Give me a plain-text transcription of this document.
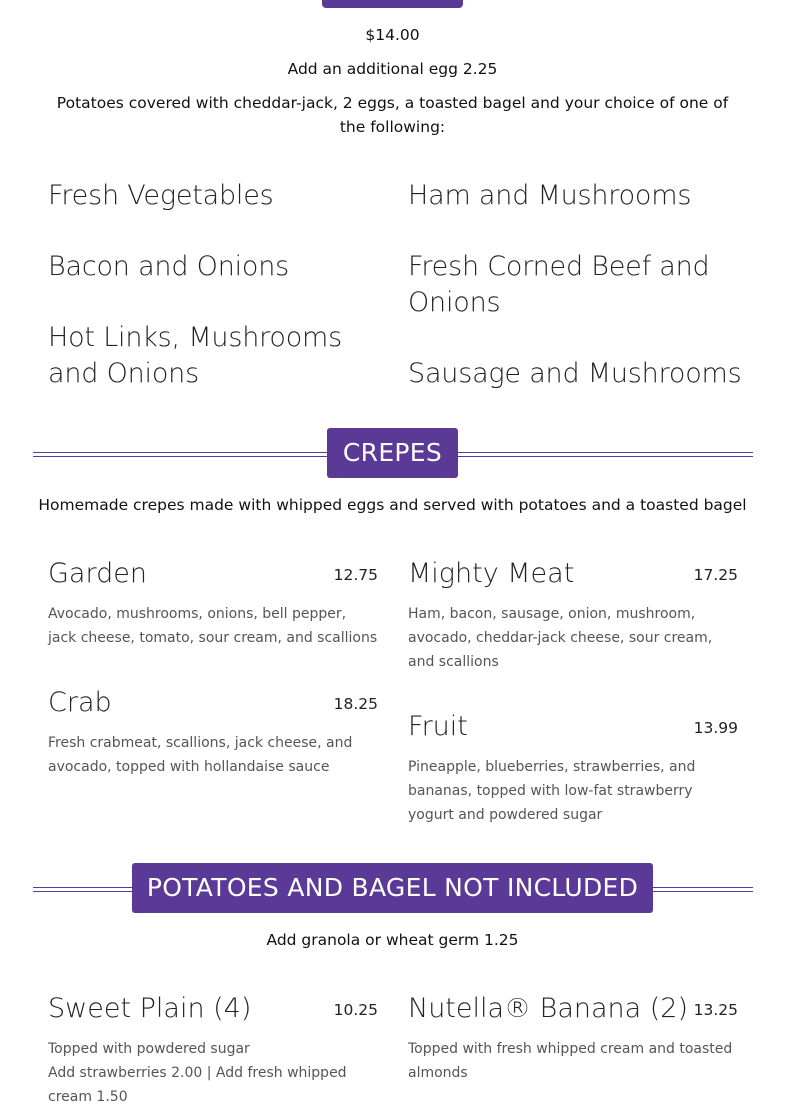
$14.00
Add an additional egg 2.25
Potatoes covered with cheddar-jack, 2 eggs, a toasted bagel and your choice of one of the following:
Fresh Vegetables	Ham and Mushrooms
Bacon and Onions	Fresh Corned Beef and Onions
Hot Links, Mushrooms and Onions	Sausage and Mushrooms
CREPES
Homemade crepes made with whipped eggs and served with potatoes and a toasted bagel
Garden	12.75
Avocado, mushrooms, onions, bell pepper, jack cheese, tomato, sour cream, and scallions
Mighty Meat	17.25
Ham, bacon, sausage, onion, mushroom, avocado, cheddar-jack cheese, sour cream, and scallions
Crab	18.25
Fresh crabmeat, scallions, jack cheese, and avocado, topped with hollandaise sauce
Fruit	13.99
Pineapple, blueberries, strawberries, and bananas, topped with low-fat strawberry yogurt and powdered sugar
POTATOES AND BAGEL NOT INCLUDED
Add granola or wheat germ 1.25
Sweet Plain (4)	10.25
Topped with powdered sugar
Add strawberries 2.00 | Add fresh whipped cream 1.50
Nutella® Banana (2) 13.25
Topped with fresh whipped cream and toasted almonds
